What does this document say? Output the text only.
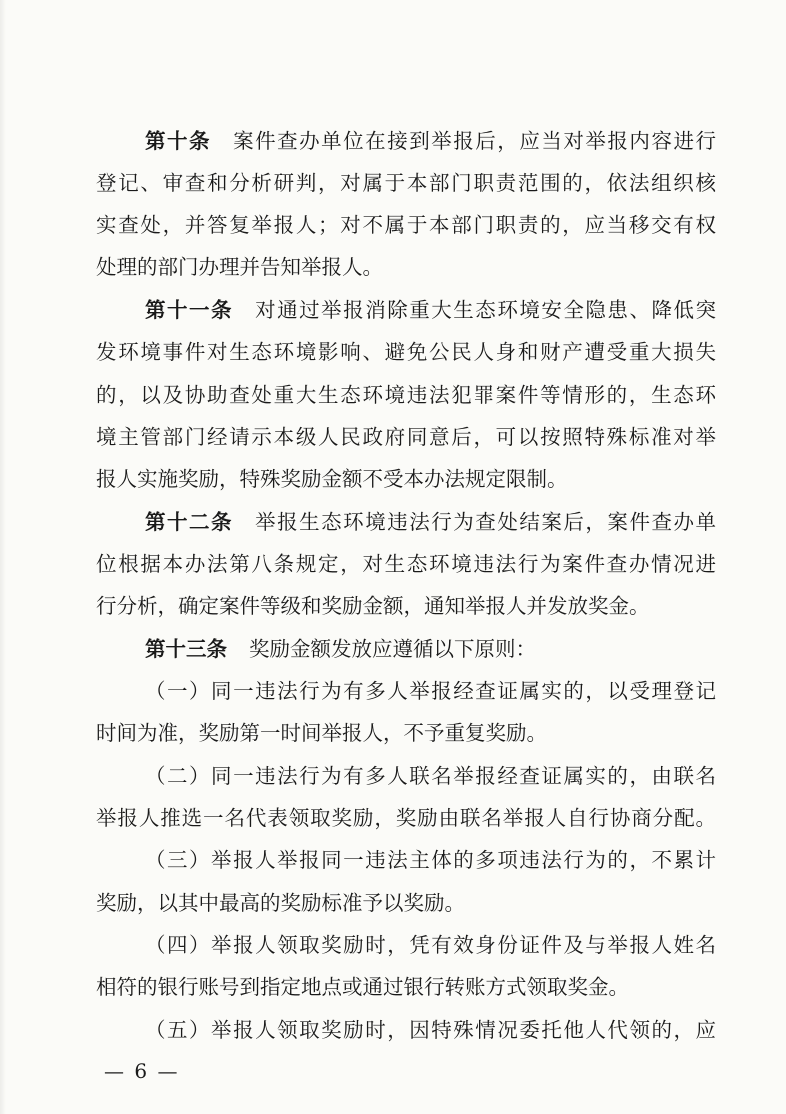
第十条 案件查办单位在接到举报后，应当对举报内容进行
登记、审查和分析研判，对属于本部门职责范围的，依法组织核
实查处，并答复举报人；对不属于本部门职责的，应当移交有权
处理的部门办理并告知举报人。
第十一条 对通过举报消除重大生态环境安全隐患、降低突
发环境事件对生态环境影响、避免公民人身和财产遭受重大损失
的，以及协助查处重大生态环境违法犯罪案件等情形的，生态环
境主管部门经请示本级人民政府同意后，可以按照特殊标准对举
报人实施奖励，特殊奖励金额不受本办法规定限制。
第十二条 举报生态环境违法行为查处结案后，案件查办单
位根据本办法第八条规定，对生态环境违法行为案件查办情况进
行分析，确定案件等级和奖励金额，通知举报人并发放奖金。
第十三条 奖励金额发放应遵循以下原则：
（一）同一违法行为有多人举报经查证属实的，以受理登记
时间为准，奖励第一时间举报人，不予重复奖励。
（二）同一违法行为有多人联名举报经查证属实的，由联名
举报人推选一名代表领取奖励，奖励由联名举报人自行协商分配。
（三）举报人举报同一违法主体的多项违法行为的，不累计
奖励，以其中最高的奖励标准予以奖励。
（四）举报人领取奖励时，凭有效身份证件及与举报人姓名
相符的银行账号到指定地点或通过银行转账方式领取奖金。
（五）举报人领取奖励时，因特殊情况委托他人代领的，应
— 6 —
